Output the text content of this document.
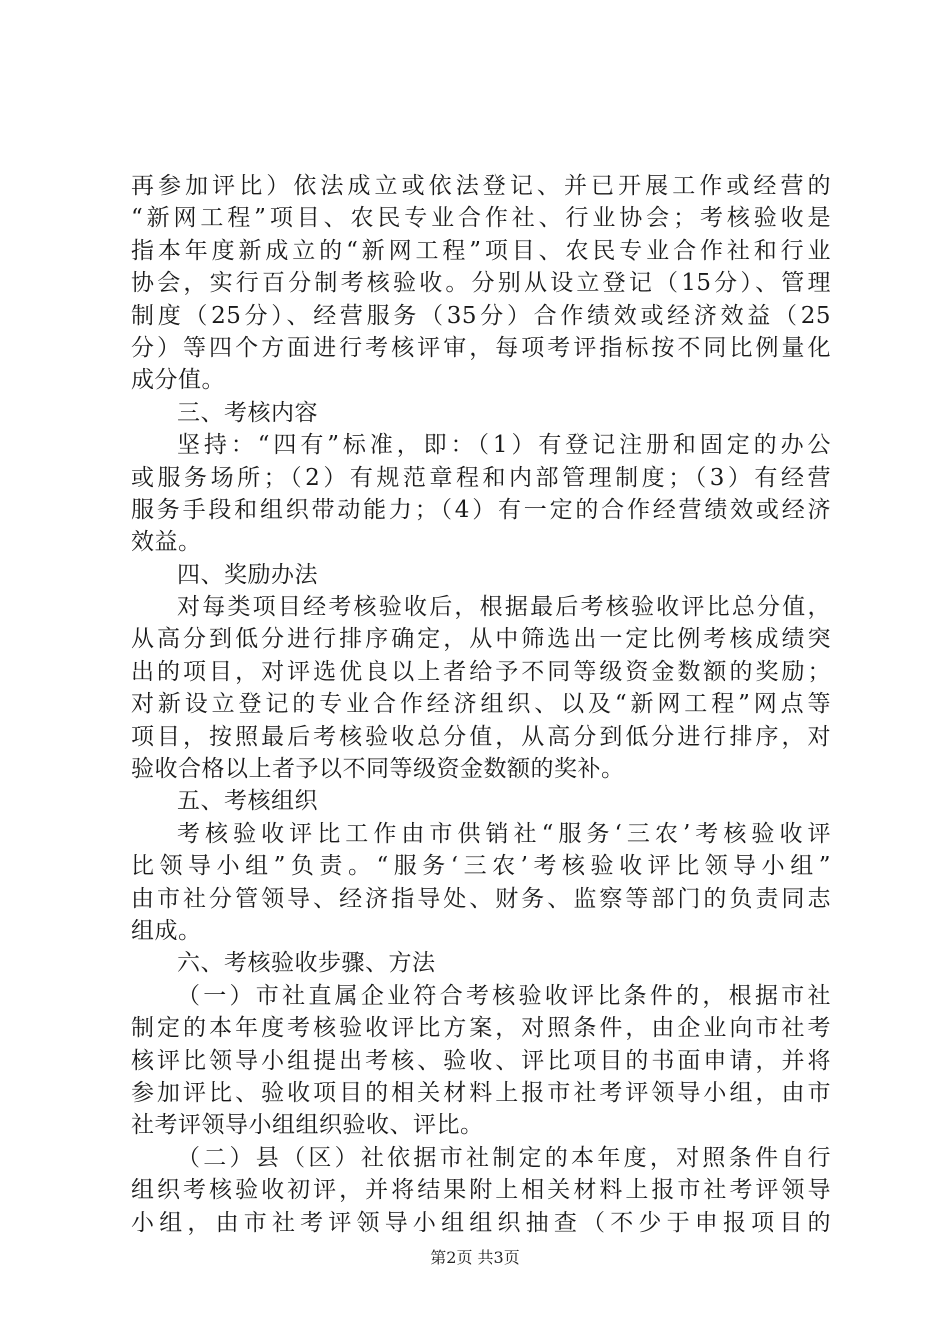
再参加评比）依法成立或依法登记、并已开展工作或经营的
“新网工程”项目、农民专业合作社、行业协会；考核验收是
指本年度新成立的“新网工程”项目、农民专业合作社和行业
协会，实行百分制考核验收。分别从设立登记（15分）、管理
制度（25分）、经营服务（35分）合作绩效或经济效益（25
分）等四个方面进行考核评审，每项考评指标按不同比例量化
成分值。
三、考核内容
坚持：“四有”标准，即：（1）有登记注册和固定的办公
或服务场所；（2）有规范章程和内部管理制度；（3）有经营
服务手段和组织带动能力；（4）有一定的合作经营绩效或经济
效益。
四、奖励办法
对每类项目经考核验收后，根据最后考核验收评比总分值，
从高分到低分进行排序确定，从中筛选出一定比例考核成绩突
出的项目，对评选优良以上者给予不同等级资金数额的奖励；
对新设立登记的专业合作经济组织、以及“新网工程”网点等
项目，按照最后考核验收总分值，从高分到低分进行排序，对
验收合格以上者予以不同等级资金数额的奖补。
五、考核组织
考核验收评比工作由市供销社“服务‘三农’考核验收评
比领导小组”负责。“服务‘三农’考核验收评比领导小组”
由市社分管领导、经济指导处、财务、监察等部门的负责同志
组成。
六、考核验收步骤、方法
（一）市社直属企业符合考核验收评比条件的，根据市社
制定的本年度考核验收评比方案，对照条件，由企业向市社考
核评比领导小组提出考核、验收、评比项目的书面申请，并将
参加评比、验收项目的相关材料上报市社考评领导小组，由市
社考评领导小组组织验收、评比。
（二）县（区）社依据市社制定的本年度，对照条件自行
组织考核验收初评，并将结果附上相关材料上报市社考评领导
小组，由市社考评领导小组组织抽查（不少于申报项目的
第2页 共3页
